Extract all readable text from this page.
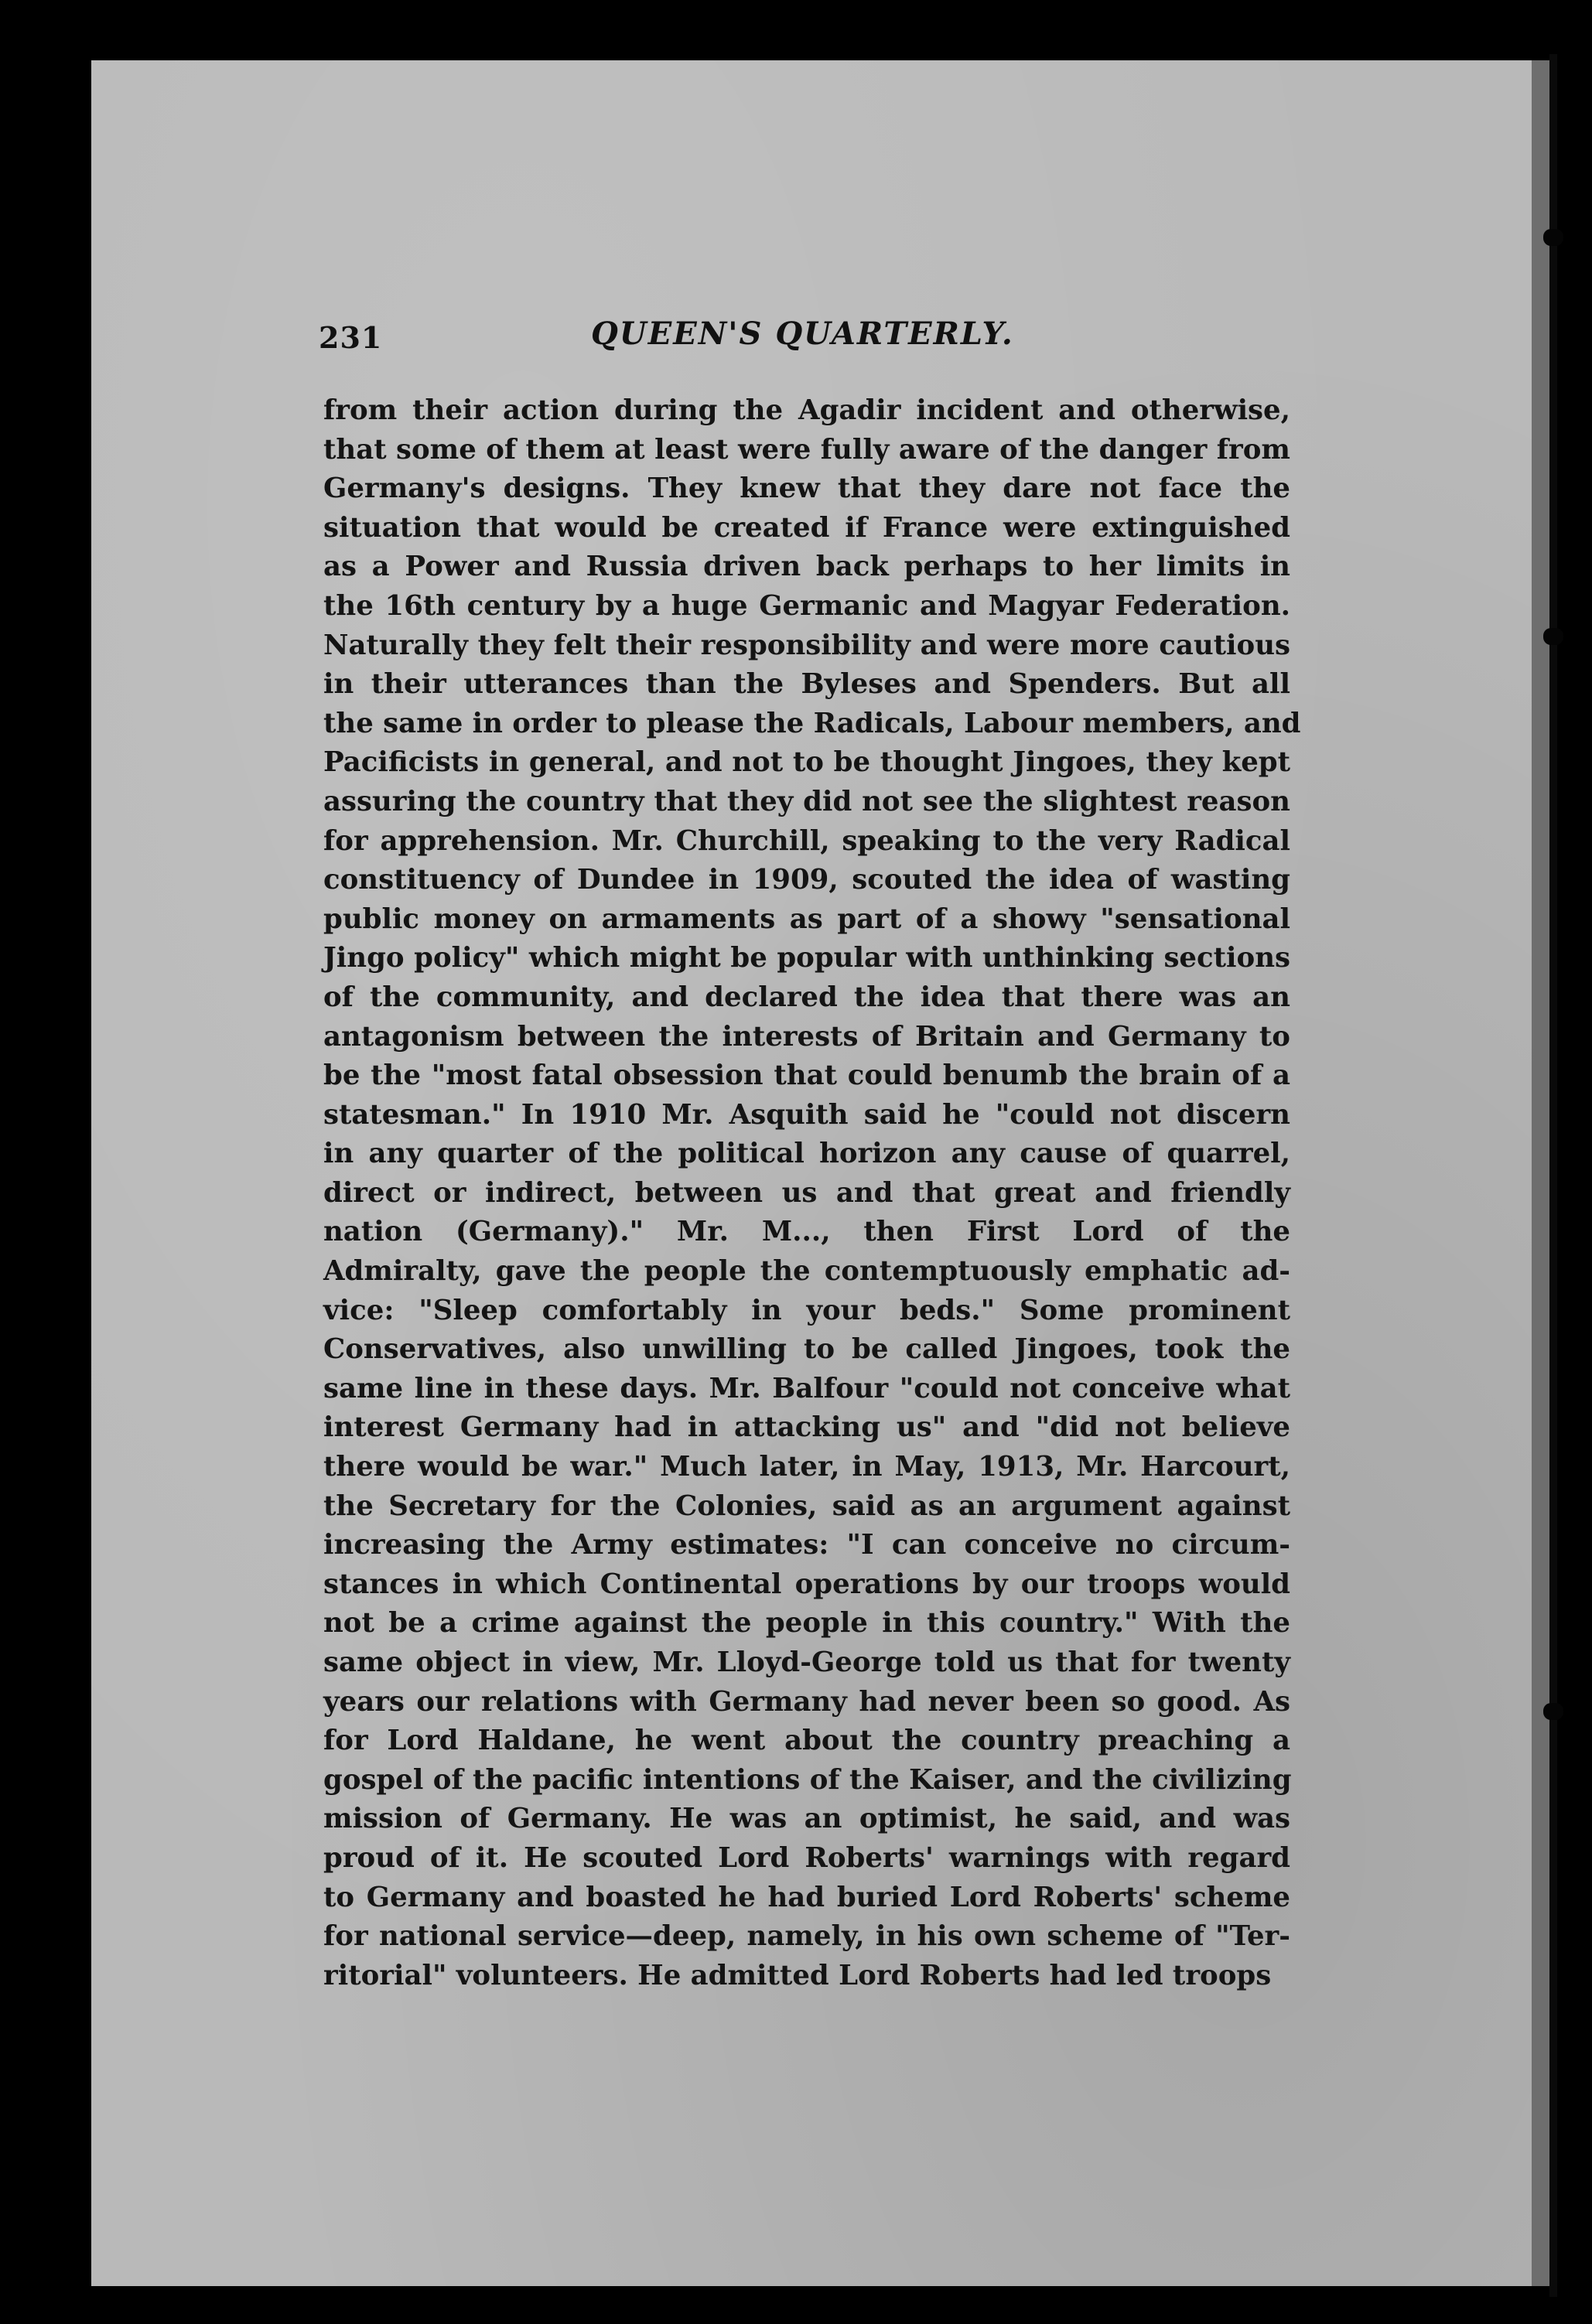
231	QUEEN'S QUARTERLY.
from their action during the Agadir incident and otherwise,
that some of them at least were fully aware of the danger from
Germany's designs. They knew that they dare not face the
situation that would be created if France were extinguished
as a Power and Russia driven back perhaps to her limits in
the 16th century by a huge Germanic and Magyar Federation.
Naturally they felt their responsibility and were more cautious
in their utterances than the Byleses and Spenders. But all
the same in order to please the Radicals, Labour members, and
Pacificists in general, and not to be thought Jingoes, they kept
assuring the country that they did not see the slightest reason
for apprehension. Mr. Churchill, speaking to the very Radical
constituency of Dundee in 1909, scouted the idea of wasting
public money on armaments as part of a showy "sensational
Jingo policy" which might be popular with unthinking sections
of the community, and declared the idea that there was an
antagonism between the interests of Britain and Germany to
be the "most fatal obsession that could benumb the brain of a
statesman." In 1910 Mr. Asquith said he "could not discern
in any quarter of the political horizon any cause of quarrel,
direct or indirect, between us and that great and friendly
nation (Germany)." Mr. M..., then First Lord of the
Admiralty, gave the people the contemptuously emphatic ad-
vice: "Sleep comfortably in your beds." Some prominent
Conservatives, also unwilling to be called Jingoes, took the
same line in these days. Mr. Balfour "could not conceive what
interest Germany had in attacking us" and "did not believe
there would be war." Much later, in May, 1913, Mr. Harcourt,
the Secretary for the Colonies, said as an argument against
increasing the Army estimates: "I can conceive no circum-
stances in which Continental operations by our troops would
not be a crime against the people in this country." With the
same object in view, Mr. Lloyd-George told us that for twenty
years our relations with Germany had never been so good. As
for Lord Haldane, he went about the country preaching a
gospel of the pacific intentions of the Kaiser, and the civilizing
mission of Germany. He was an optimist, he said, and was
proud of it. He scouted Lord Roberts' warnings with regard
to Germany and boasted he had buried Lord Roberts' scheme
for national service—deep, namely, in his own scheme of "Ter-
ritorial" volunteers. He admitted Lord Roberts had led troops
